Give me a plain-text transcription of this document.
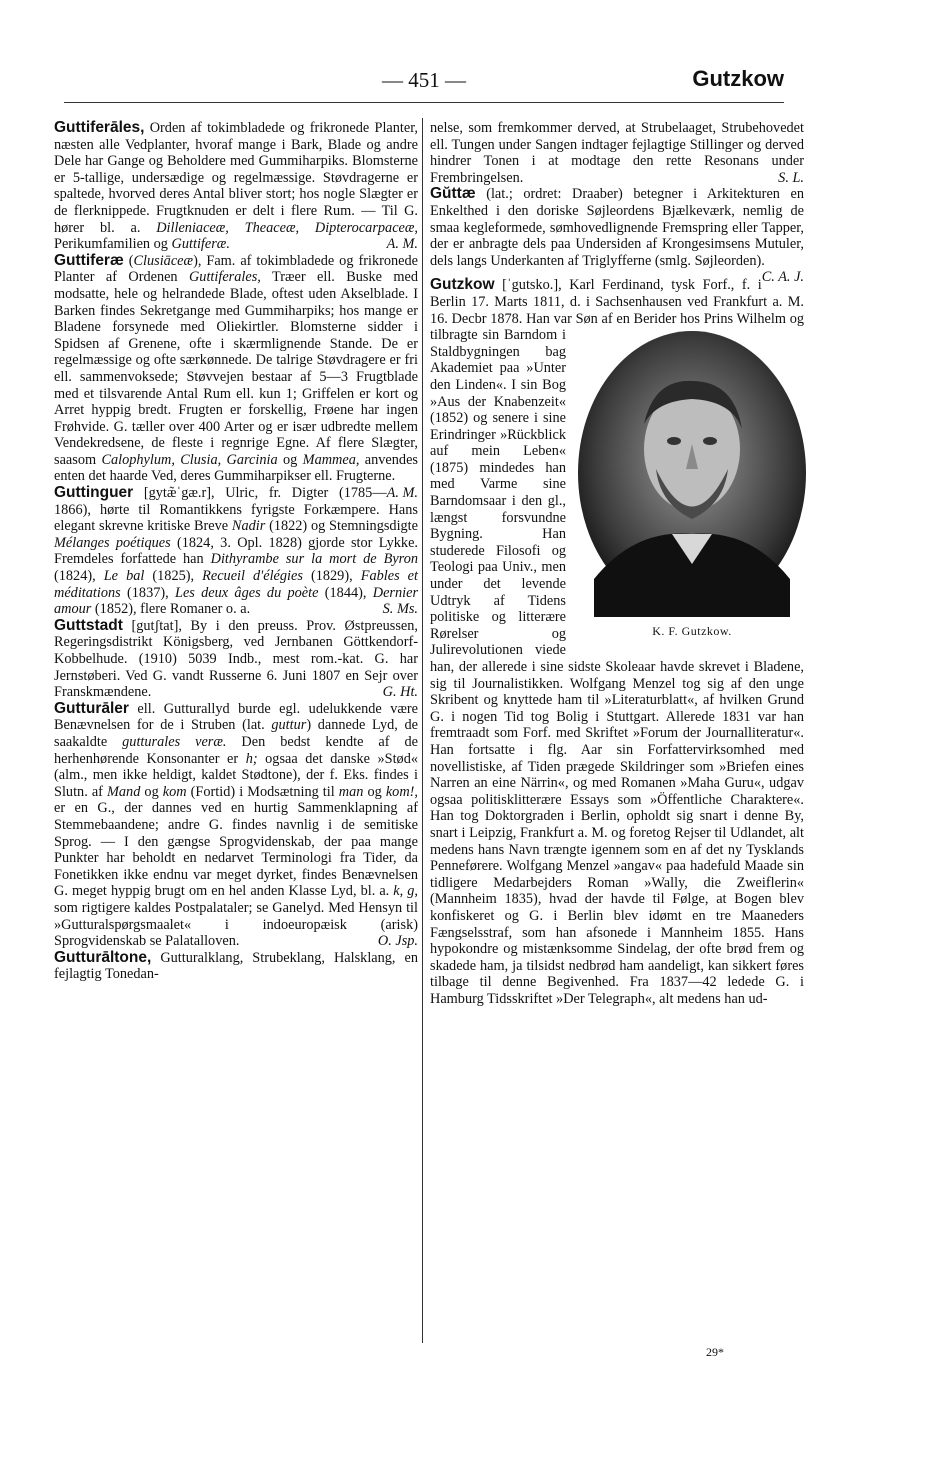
— 451 —	Gutzkow

Guttiferāles, Orden af tokimbladede og frikronede Planter, næsten alle Vedplanter, hvoraf mange i Bark, Blade og andre Dele har Gange og Beholdere med Gummiharpiks. Blomsterne er 5-tallige, undersædige og regelmæssige. Støvdragerne er spaltede, hvorved deres Antal bliver stort; hos nogle Slægter er de flerknippede. Frugtknuden er delt i flere Rum. — Til G. hører bl. a. Dilleniaceæ, Theaceæ, Dipterocarpaceæ, Perikumfamilien og Guttiferæ.	A. M.

Guttiferæ (Clusiāceæ), Fam. af tokimbladede og frikronede Planter af Ordenen Guttiferales, Træer ell. Buske med modsatte, hele og helrandede Blade, oftest uden Akselblade. I Barken findes Sekretgange med Gummiharpiks; hos mange er Bladene forsynede med Oliekirtler. Blomsterne sidder i Spidsen af Grenene, ofte i skærmlignende Stande. De er regelmæssige og ofte særkønnede. De talrige Støvdragere er fri ell. sammenvoksede; Støvvejen bestaar af 5—3 Frugtblade med et tilsvarende Antal Rum ell. kun 1; Griffelen er kort og Arret hyppig bredt. Frugten er forskellig, Frøene har ingen Frøhvide. G. tæller over 400 Arter og er især udbredte mellem Vendekredsene, de fleste i regnrige Egne. Af flere Slægter, saasom Calophylum, Clusia, Garcinia og Mammea, anvendes enten det haarde Ved, deres Gummiharpikser ell. Frugterne.
A. M.

Guttinguer [gytæ̃ˈgæ.r], Ulric, fr. Digter (1785—1866), hørte til Romantikkens fyrigste Forkæmpere. Hans elegant skrevne kritiske Breve Nadir (1822) og Stemningsdigte Mélanges poétiques (1824, 3. Opl. 1828) gjorde stor Lykke. Fremdeles forfattede han Dithyrambe sur la mort de Byron (1824), Le bal (1825), Recueil d'élégies (1829), Fables et méditations (1837), Les deux âges du poète (1844), Dernier amour (1852), flere Romaner o. a.	S. Ms.

Guttstadt [gutʃtat], By i den preuss. Prov. Østpreussen, Regeringsdistrikt Königsberg, ved Jernbanen Göttkendorf-Kobbelhude. (1910) 5039 Indb., mest rom.-kat. G. har Jernstøberi. Ved G. vandt Russerne 6. Juni 1807 en Sejr over Franskmændene.	G. Ht.

Gutturāler ell. Gutturallyd burde egl. udelukkende være Benævnelsen for de i Struben (lat. guttur) dannede Lyd, de saakaldte gutturales veræ. Den bedst kendte af de herhenhørende Konsonanter er h; ogsaa det danske »Stød« (alm., men ikke heldigt, kaldet Stødtone), der f. Eks. findes i Slutn. af Mand og kom (Fortid) i Modsætning til man og kom!, er en G., der dannes ved en hurtig Sammenklapning af Stemmebaandene; andre G. findes navnlig i de semitiske Sprog. — I den gængse Sprogvidenskab, der paa mange Punkter har beholdt en nedarvet Terminologi fra Tider, da Fonetikken ikke endnu var meget dyrket, findes Benævnelsen G. meget hyppig brugt om en hel anden Klasse Lyd, bl. a. k, g, som rigtigere kaldes Postpalataler; se Ganelyd. Med Hensyn til »Gutturalspørgsmaalet« i indoeuropæisk (arisk) Sprogvidenskab se Palatalloven.	O. Jsp.

Gutturāltone, Gutturalklang, Strubeklang, Halsklang, en fejlagtig Tonedan-

nelse, som fremkommer derved, at Strubelaaget, Strubehovedet ell. Tungen under Sangen indtager fejlagtige Stillinger og derved hindrer Tonen i at modtage den rette Resonans under Frembringelsen.	S. L.

Gŭttæ (lat.; ordret: Draaber) betegner i Arkitekturen en Enkelthed i den doriske Søjleordens Bjælkeværk, nemlig de smaa kegleformede, sømhovedlignende Fremspring eller Tapper, der er anbragte dels paa Undersiden af Krongesimsens Mutuler, dels langs Underkanten af Triglyfferne (smlg. Søjleorden).
C. A. J.

Gutzkow [ˈgutsko.], Karl Ferdinand, tysk Forf., f. i Berlin 17. Marts 1811, d. i Sachsenhausen ved Frankfurt a. M. 16. Decbr 1878. Han var Søn af en Berider hos Prins Wilhelm og tilbragte sin
K. F. Gutzkow.
Barndom i Staldbygningen bag Akademiet paa »Unter den Linden«. I sin Bog »Aus der Knabenzeit« (1852) og senere i sine Erindringer »Rückblick auf mein Leben« (1875) mindedes han med Varme sine Barndomsaar i den gl., længst forsvundne Bygning. Han studerede Filosofi og Teologi paa Univ., men under det levende Udtryk af Tidens politiske og litterære Rørelser og Julirevolutionen viede han, der allerede i sine sidste Skoleaar havde skrevet i Bladene, sig til Journalistikken. Wolfgang Menzel tog sig af den unge Skribent og knyttede ham til »Literaturblatt«, af hvilken Grund G. i nogen Tid tog Bolig i Stuttgart. Allerede 1831 var han fremtraadt som Forf. med Skriftet »Forum der Journalliteratur«. Han fortsatte i flg. Aar sin Forfattervirksomhed med novellistiske, af Tiden prægede Skildringer som »Briefen eines Narren an eine Närrin«, og med Romanen »Maha Guru«, udgav ogsaa politisklitterære Essays som »Öffentliche Charaktere«. Han tog Doktorgraden i Berlin, opholdt sig snart i denne By, snart i Leipzig, Frankfurt a. M. og foretog Rejser til Udlandet, alt medens hans Navn trængte igennem som en af det ny Tysklands Penneførere. Wolfgang Menzel »angav« paa hadefuld Maade sin tidligere Medarbejders Roman »Wally, die Zweiflerin« (Mannheim 1835), hvad der havde til Følge, at Bogen blev konfiskeret og G. i Berlin blev idømt en tre Maaneders Fængselsstraf, som han afsonede i Mannheim 1855. Hans hypokondre og mistænksomme Sindelag, der ofte brød frem og skadede ham, ja tilsidst nedbrød ham aandeligt, kan sikkert føres tilbage til denne Begivenhed. Fra 1837—42 ledede G. i Hamburg Tidsskriftet »Der Telegraph«, alt medens han ud-

29*
